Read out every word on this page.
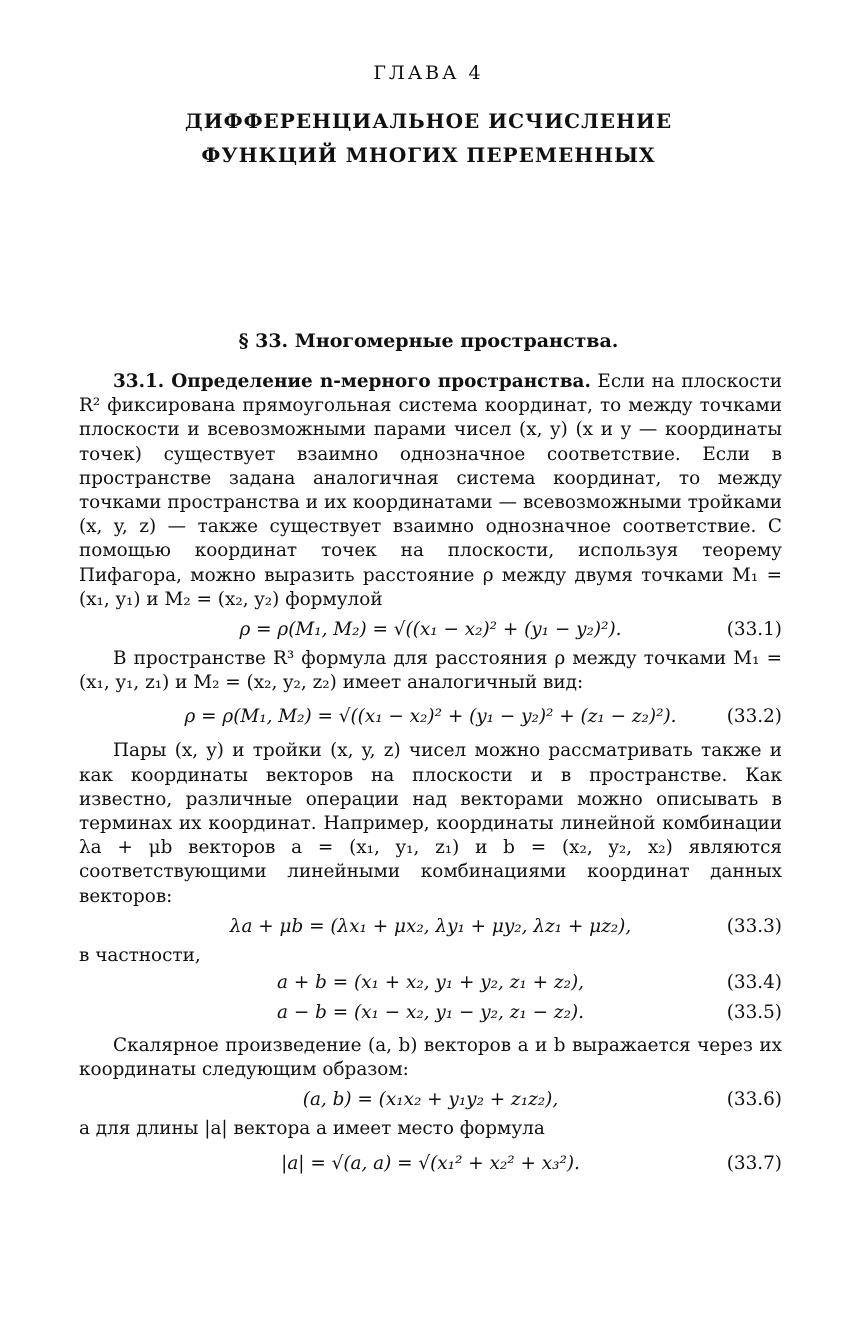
ГЛАВА 4
ДИФФЕРЕНЦИАЛЬНОЕ ИСЧИСЛЕНИЕ
ФУНКЦИЙ МНОГИХ ПЕРЕМЕННЫХ
§ 33. Многомерные пространства.

33.1. Определение n-мерного пространства. Если на плоскости R² фиксирована прямоугольная система координат, то между точками плоскости и всевозможными парами чисел (x, y) (x и y — координаты точек) существует взаимно однозначное соответствие. Если в пространстве задана аналогичная система координат, то между точками пространства и их координатами — всевозможными тройками (x, y, z) — также существует взаимно однозначное соответствие. С помощью координат точек на плоскости, используя теорему Пифагора, можно выразить расстояние ρ между двумя точками M₁ = (x₁, y₁) и M₂ = (x₂, y₂) формулой

ρ = ρ(M₁, M₂) = √((x₁ − x₂)² + (y₁ − y₂)²).	(33.1)

В пространстве R³ формула для расстояния ρ между точками M₁ = (x₁, y₁, z₁) и M₂ = (x₂, y₂, z₂) имеет аналогичный вид:

ρ = ρ(M₁, M₂) = √((x₁ − x₂)² + (y₁ − y₂)² + (z₁ − z₂)²).	(33.2)

Пары (x, y) и тройки (x, y, z) чисел можно рассматривать также и как координаты векторов на плоскости и в пространстве. Как известно, различные операции над векторами можно описывать в терминах их координат. Например, координаты линейной комбинации λa + μb векторов a = (x₁, y₁, z₁) и b = (x₂, y₂, x₂) являются соответствующими линейными комбинациями координат данных векторов:

λa + μb = (λx₁ + μx₂, λy₁ + μy₂, λz₁ + μz₂),	(33.3)

в частности,

a + b = (x₁ + x₂, y₁ + y₂, z₁ + z₂),	(33.4)
a − b = (x₁ − x₂, y₁ − y₂, z₁ − z₂).	(33.5)

Скалярное произведение (a, b) векторов a и b выражается через их координаты следующим образом:

(a, b) = (x₁x₂ + y₁y₂ + z₁z₂),	(33.6)

а для длины |a| вектора a имеет место формула

|a| = √(a, a) = √(x₁² + x₂² + x₃²).	(33.7)
